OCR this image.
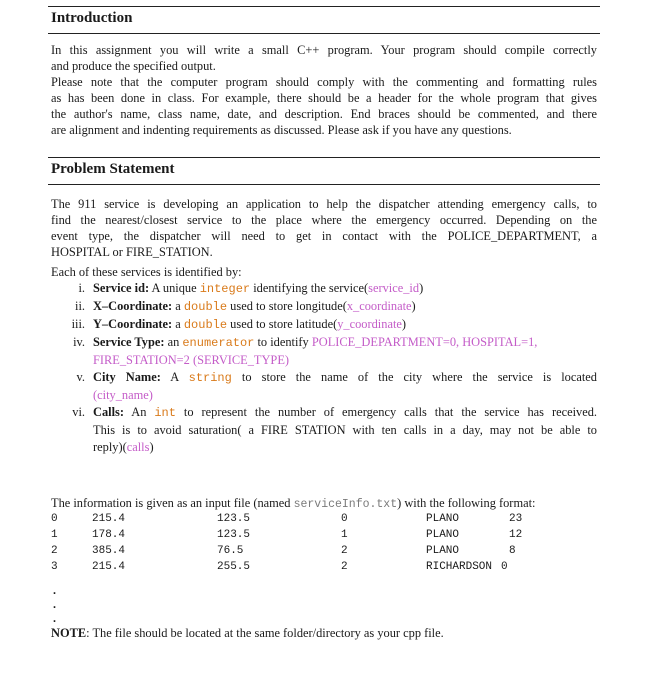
Introduction

In this assignment you will write a small C++ program. Your program should compile correctly
and produce the specified output.
Please note that the computer program should comply with the commenting and formatting rules
as has been done in class. For example, there should be a header for the whole program that gives
the author's name, class name, date, and description. End braces should be commented, and there
are alignment and indenting requirements as discussed. Please ask if you have any questions.

Problem Statement

The 911 service is developing an application to help the dispatcher attending emergency calls, to
find the nearest/closest service to the place where the emergency occurred. Depending on the
event type, the dispatcher will need to get in contact with the POLICE_DEPARTMENT, a
HOSPITAL or FIRE_STATION.

Each of these services is identified by:

i. Service id: A unique integer identifying the service(service_id)
ii. X–Coordinate: a double used to store longitude(x_coordinate)
iii. Y–Coordinate: a double used to store latitude(y_coordinate)
iv. Service Type: an enumerator to identify POLICE_DEPARTMENT=0, HOSPITAL=1,
FIRE_STATION=2 (SERVICE_TYPE)
v. City Name: A string to store the name of the city where the service is located
(city_name)
vi. Calls: An int to represent the number of emergency calls that the service has received.
This is to avoid saturation( a FIRE STATION with ten calls in a day, may not be able to
reply)(calls)

The information is given as an input file (named serviceInfo.txt) with the following format:

0	215.4	123.5	0	PLANO	23
1	178.4	123.5	1	PLANO	12
2	385.4	76.5	2	PLANO	8
3	215.4	255.5	2	RICHARDSON 0
.
.
.
NOTE: The file should be located at the same folder/directory as your cpp file.
